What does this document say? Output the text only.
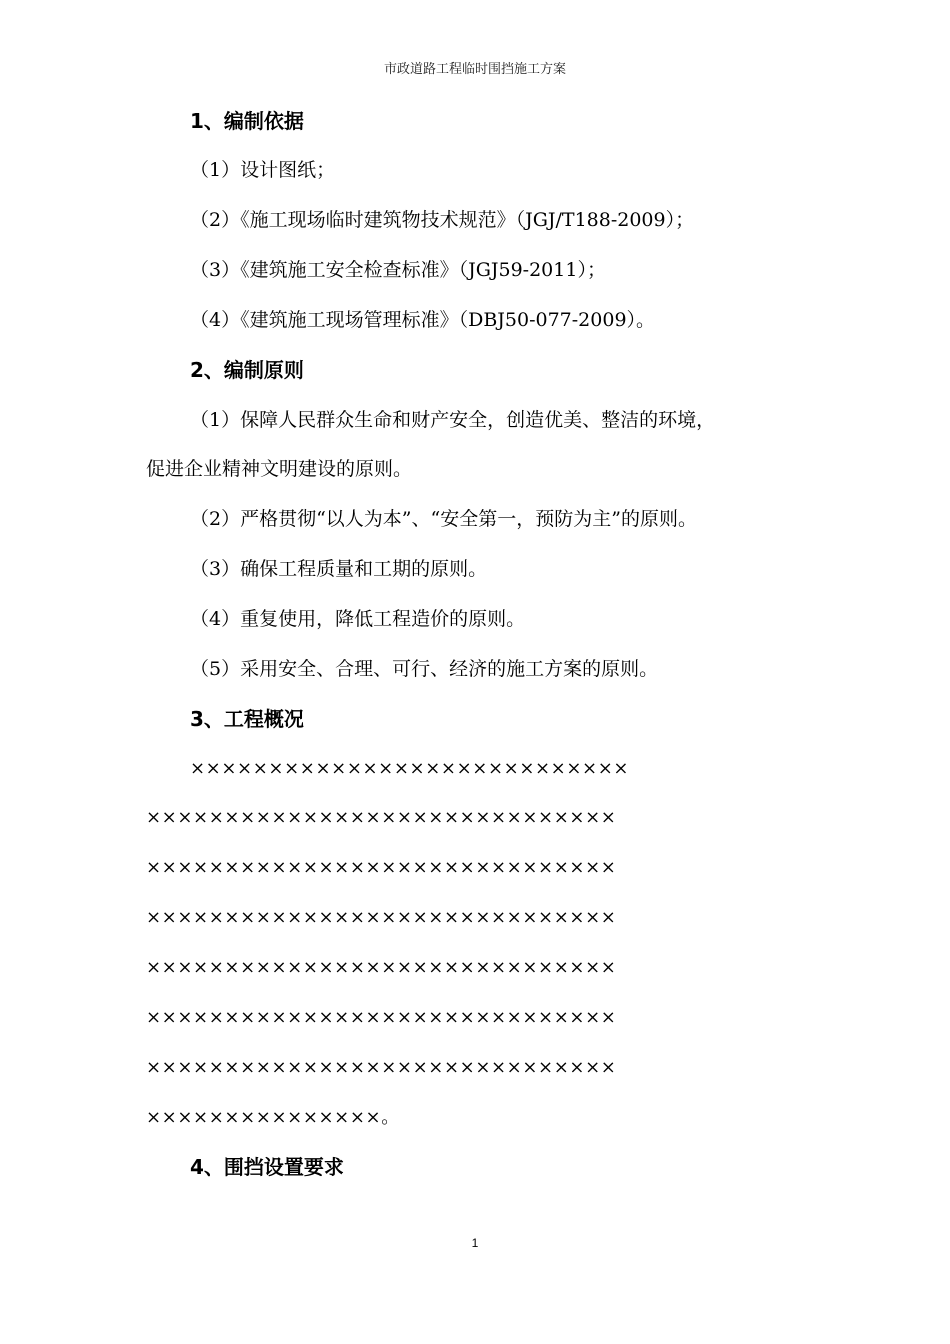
市政道路工程临时围挡施工方案
1、编制依据
（1）设计图纸；
（2）《施工现场临时建筑物技术规范》（JGJ/T188-2009）；
（3）《建筑施工安全检查标准》（JGJ59-2011）；
（4）《建筑施工现场管理标准》（DBJ50-077-2009）。
2、编制原则
（1）保障人民群众生命和财产安全，创造优美、整洁的环境，
促进企业精神文明建设的原则。
（2）严格贯彻“以人为本”、“安全第一，预防为主”的原则。
（3）确保工程质量和工期的原则。
（4）重复使用，降低工程造价的原则。
（5）采用安全、合理、可行、经济的施工方案的原则。
3、工程概况
××××××××××××××××××××××××××××
××××××××××××××××××××××××××××××
××××××××××××××××××××××××××××××
××××××××××××××××××××××××××××××
××××××××××××××××××××××××××××××
××××××××××××××××××××××××××××××
××××××××××××××××××××××××××××××
×××××××××××××××。
4、围挡设置要求
1
